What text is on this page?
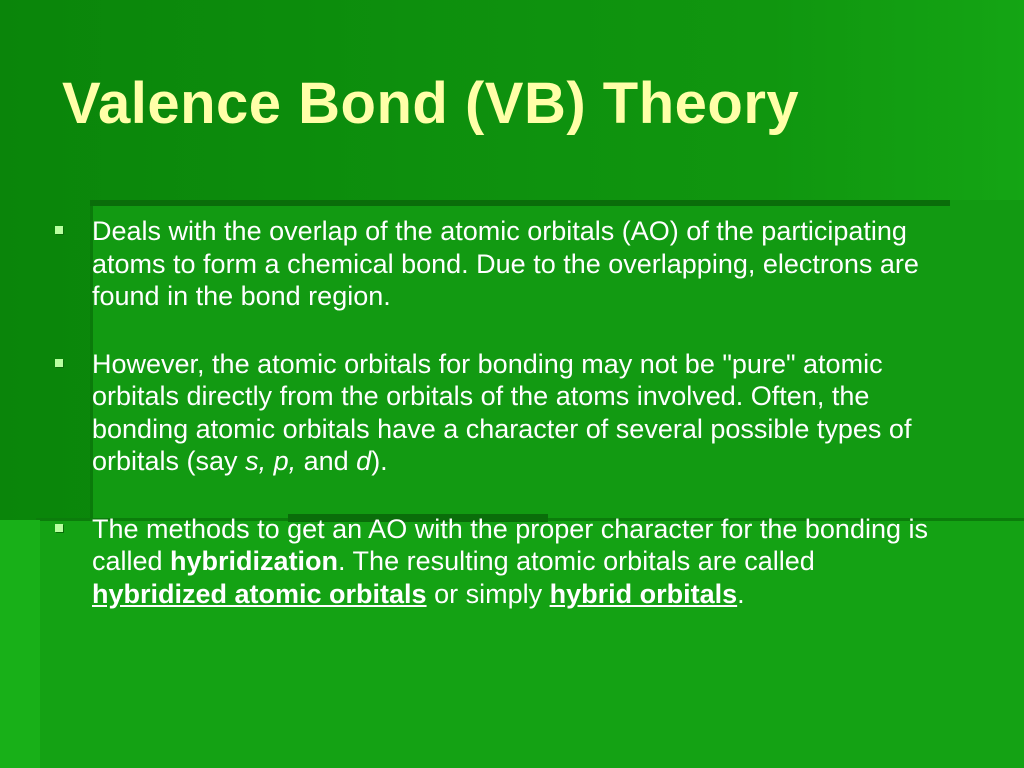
Valence Bond (VB) Theory
Deals with the overlap of the atomic orbitals (AO) of the participating atoms to form a chemical bond. Due to the overlapping, electrons are found in the bond region.
However, the atomic orbitals for bonding may not be "pure" atomic orbitals directly from the orbitals of the atoms involved. Often, the bonding atomic orbitals have a character of several possible types of orbitals (say s, p, and d).
The methods to get an AO with the proper character for the bonding is called hybridization. The resulting atomic orbitals are called hybridized atomic orbitals or simply hybrid orbitals.
